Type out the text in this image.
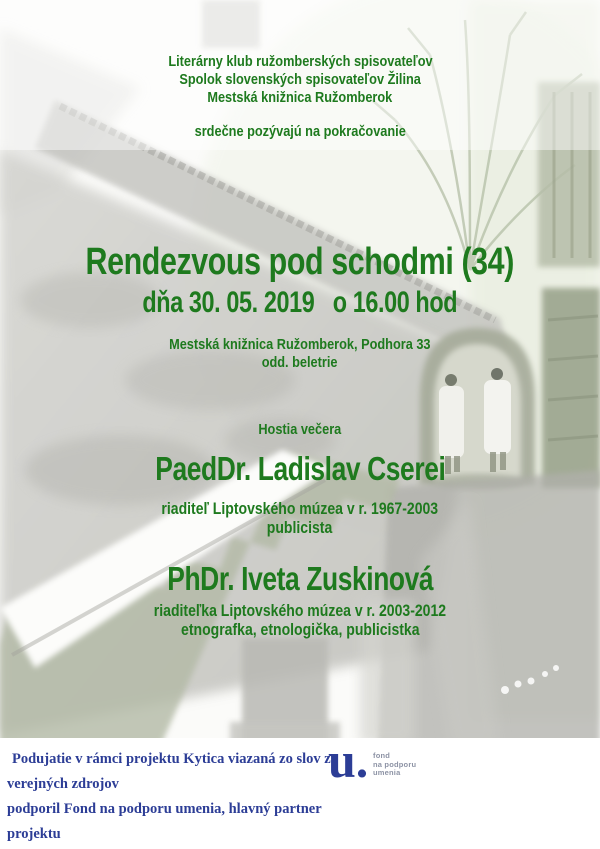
Literárny klub ružomberských spisovateľov
Spolok slovenských spisovateľov Žilina
Mestská knižnica Ružomberok
srdečne pozývajú na pokračovanie
Rendezvous pod schodmi (34)
dňa 30. 05. 2019   o 16.00 hod
Mestská knižnica Ružomberok, Podhora 33
odd. beletrie
Hostia večera
PaedDr. Ladislav Cserei
riaditeľ Liptovského múzea v r. 1967-2003
publicista
PhDr. Iveta Zuskinová
riaditeľka Liptovského múzea v r. 2003-2012
etnografka, etnologička, publicistka
Podujatie v rámci projektu Kytica viazaná zo slov z verejných zdrojov
podporil Fond na podporu umenia, hlavný partner projektu
u. fond
na podporu
umenia
